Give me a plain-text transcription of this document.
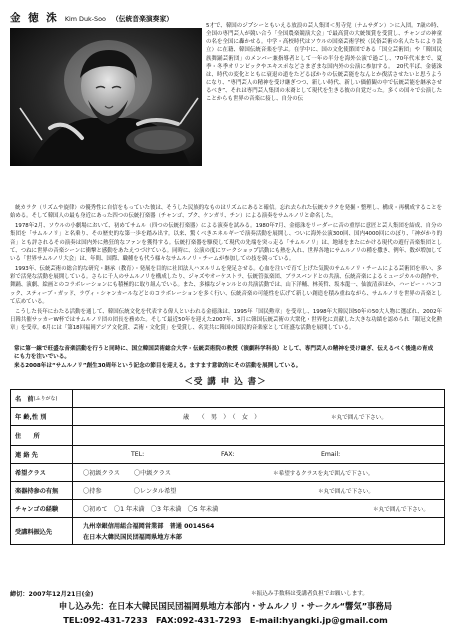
金 徳 洙 Kim Duk-Soo （伝統音楽演奏家）
5才で、韓国のジプシーともいえる放浪の芸人集団＜男寺党（ナムサダン）＞に入団。7歳の時、全国の専門芸人が競い合う「全国農楽競演大会」で最高賞の大統領賞を受賞し、チャンゴの神童の名を全国に轟かせる。中学・高校時代はソウルの国楽芸術学校（民俗芸術の名人たちにより設立）に在籍、韓国伝統音楽を学ぶ。在学中に、国の文化使節団である「国立芸術団」や「韓国民族舞踊芸術団」のメンバー兼指導者として一年の半分を海外公演で過ごし、'70年代末まで、夏季・冬季オリンピックやエキスポなどさまざまな国内外の公演に参加する。　20代半ば、金徳洙は、時代の変化とともに衰退の道をたどるばかりの伝統芸能をなんとか復活させたいと思うようになり、“専門芸人の精神を受け継ぎつつ、新しい時代、新しい価値観の中で伝統芸能を継承させるべき”、それは専門芸人集団の末裔として現代を生きる彼の自覚だった。多くの国々で公演したことからも世界の音楽に接し、自分の伝

統カラク（リズムや旋律）の優秀性に自信をもっていた彼は、そうした民族的なものはリズムにあると確信。忘れ去られた伝統カラクを発掘・整理し、構成・再構成することを始める。そして韓国人の最も身近にあった四つの伝統打楽器（チャンゴ、プク、ケンガリ、チン）による演奏をサムルノリと命名した。

1978年2月、ソウルの小劇場において、初めてサムル（四つの伝統打楽器）による演奏を試みる。1980年7月、金徳洙をリーダーに音の重厚に意匠と芸人集団を結成、自分の集団を「サムルノリ」と名乗り、その歴史的な第一歩を踏み出す。以来、驚くべきエネルギーで演奏活動を展開し、ついに海外公演300回、国内4000回にのぼり、「神がかり的音」とも評されるその演奏は国内外に熱狂的なファンを獲得する。伝統打楽器を駆使して現代の先端を突っ走る「サムルノリ」は、地球をまたにかける現代の遊行音楽集団として、つねに世界の音楽シーンに衝撃と感動をあたえつづけている。同時に、公演の度にワークショップ活動にも熱を入れ、世界各地にサムルノリの種を撒き、例年、数が増加している「世界サムルノリ大会」は、年間、国際、職種をも代う様々なサムルノリ・チームが参加しての技を競っている。

1993年、伝統芸術の総合的な研究・継承（教育）・発展を目的に社団法人ハヌルリムを発足させる。心血を注いで育て上げた気鋭のサムルノリ・チームによる芸術団を率い、多彩で活発な活動を展開している。さらに千人のサムルノリを構成したり、ジャズやオーケストラ、伝統管弦楽団、ブラスバンドとの共演、伝統音楽によるミュージカルの創作や、舞踊、演劇、絵画とのコラボレーションにも積極的に取り組んでいる。また、多様なジャンルとの共演活動では、山下洋輔、林英哲、坂本龍一、仙波清彦ほか、ハービー・ハンコック、スティーブ・ガッド、ラヴィ・シャンカールなどとのコラボレーションを多く行い、伝統音楽の可能性を広げて新しい創造を積み重ねながら、サムルノリを世界の音楽として広めている。

こうした長年にわたる活動を通して、韓国伝統文化を代表する偉人といわれる金徳洙は、1995年「国民勲章」を受章し、1998年大韓民国50年の50大人物に選ばれ、2002年日韓共催サッカーW杯ではサムルノリ団の団長を務めた。そして最近50年を迎えた2007年、3月に韓国伝統芸術の大衆化・世界化に貢献した大きな功績を認められ「銀冠文化勲章」を受章。6月には「第18回福岡アジア文化賞、芸術・文化賞」を受賞し、名実共に韓国の国民的音楽家として旺盛な活動を展開している。

常に第一線で旺盛な音楽活動を行うと同時に、国立韓国芸術総合大学・伝統芸術院の教授（演劇科学科長）として、専門芸人の精神を受け継ぎ、伝えるべく後進の育成にも力を注いでいる。

来る2008年は“サムルノリ”創生30周年という記念の節目を迎える。ますます意欲的にその活動を展開している。

＜受 講 申 込 書＞
名　前 (ふりがな)
年 齢,性 別	歳　　（　男　）　（　女　）	＊丸で囲んで下さい。
住　　所
連 絡 先	TEL:	FAX:	Email:
希望クラス	〇初級クラス 〇中級クラス	＊希望するクラスを丸で囲んで下さい。
楽器持参の有無	〇持参	〇レンタル希望	＊丸で囲んで下さい。
チャンゴの経験	〇初めて　〇1 年未満　〇3 年未満　〇5 年未満	＊丸で囲んで下さい。
受講料振込先
九州幸銀信用組合福岡営業部　普通 0014564
在日本大韓民国民団福岡県地方本部
締切：2007年12月21日(金)	＊振込み手数料は受講者負担でお願いします。
申し込み先：在日本大韓民国民団福岡県地方本部内・サムルノリ・サークル“響気”事務局
TEL:092-431-7233　FAX:092-431-7293　E-mail:hyangki.jp@gmail.com
